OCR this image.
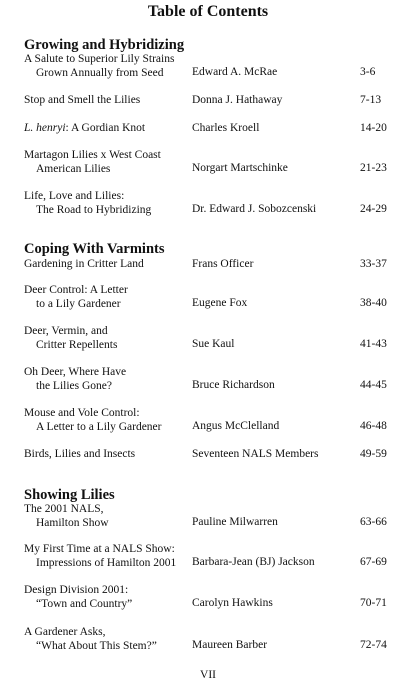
Table of Contents
Growing and Hybridizing
A Salute to Superior Lily Strains
Grown Annually from Seed	Edward A. McRae	3-6
Stop and Smell the Lilies	Donna J. Hathaway	7-13
L. henryi: A Gordian Knot	Charles Kroell	14-20
Martagon Lilies x West Coast
American Lilies	Norgart Martschinke	21-23
Life, Love and Lilies:
The Road to Hybridizing	Dr. Edward J. Sobozcenski	24-29
Coping With Varmints
Gardening in Critter Land	Frans Officer	33-37
Deer Control: A Letter
to a Lily Gardener	Eugene Fox	38-40
Deer, Vermin, and
Critter Repellents	Sue Kaul	41-43
Oh Deer, Where Have
the Lilies Gone?	Bruce Richardson	44-45
Mouse and Vole Control:
A Letter to a Lily Gardener	Angus McClelland	46-48
Birds, Lilies and Insects	Seventeen NALS Members	49-59
Showing Lilies
The 2001 NALS,
Hamilton Show	Pauline Milwarren	63-66
My First Time at a NALS Show:
Impressions of Hamilton 2001	Barbara-Jean (BJ) Jackson	67-69
Design Division 2001:
“Town and Country”	Carolyn Hawkins	70-71
A Gardener Asks,
“What About This Stem?”	Maureen Barber	72-74
VII
